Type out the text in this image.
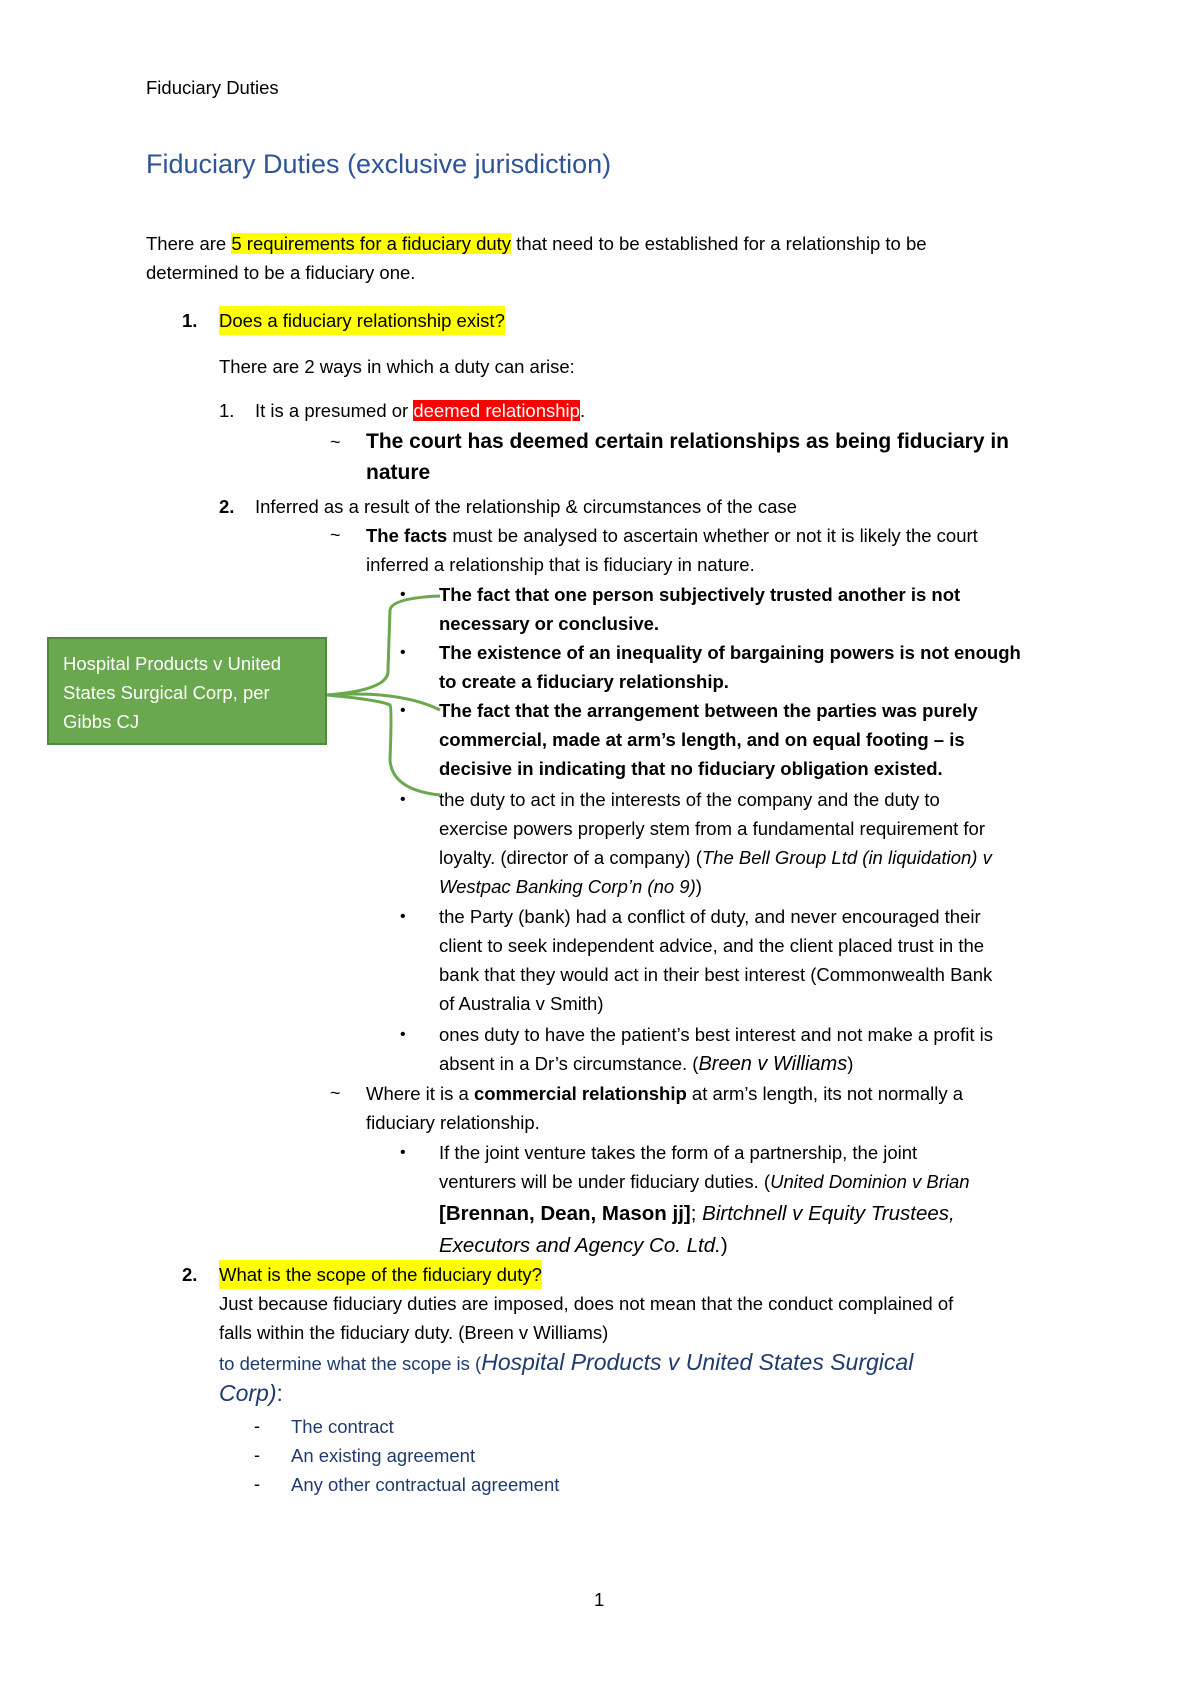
Fiduciary Duties
Fiduciary Duties (exclusive jurisdiction)
There are 5 requirements for a fiduciary duty that need to be established for a relationship to be
determined to be a fiduciary one.
1. Does a fiduciary relationship exist?
There are 2 ways in which a duty can arise:
1. It is a presumed or deemed relationship.
~ The court has deemed certain relationships as being fiduciary in
nature
2. Inferred as a result of the relationship & circumstances of the case
~ The facts must be analysed to ascertain whether or not it is likely the court
inferred a relationship that is fiduciary in nature.
• The fact that one person subjectively trusted another is not
necessary or conclusive.
• The existence of an inequality of bargaining powers is not enough
to create a fiduciary relationship.
• The fact that the arrangement between the parties was purely
commercial, made at arm’s length, and on equal footing – is
decisive in indicating that no fiduciary obligation existed.
• the duty to act in the interests of the company and the duty to
exercise powers properly stem from a fundamental requirement for
loyalty. (director of a company) (The Bell Group Ltd (in liquidation) v
Westpac Banking Corp’n (no 9))
• the Party (bank) had a conflict of duty, and never encouraged their
client to seek independent advice, and the client placed trust in the
bank that they would act in their best interest (Commonwealth Bank
of Australia v Smith)
• ones duty to have the patient’s best interest and not make a profit is
absent in a Dr’s circumstance. (Breen v Williams)
~ Where it is a commercial relationship at arm’s length, its not normally a
fiduciary relationship.
• If the joint venture takes the form of a partnership, the joint
venturers will be under fiduciary duties. (United Dominion v Brian
[Brennan, Dean, Mason jj]; Birtchnell v Equity Trustees,
Executors and Agency Co. Ltd.)
Hospital Products v United States Surgical Corp, per Gibbs CJ
2. What is the scope of the fiduciary duty?
Just because fiduciary duties are imposed, does not mean that the conduct complained of
falls within the fiduciary duty. (Breen v Williams)
to determine what the scope is (Hospital Products v United States Surgical
Corp):
- The contract
- An existing agreement
- Any other contractual agreement
1
